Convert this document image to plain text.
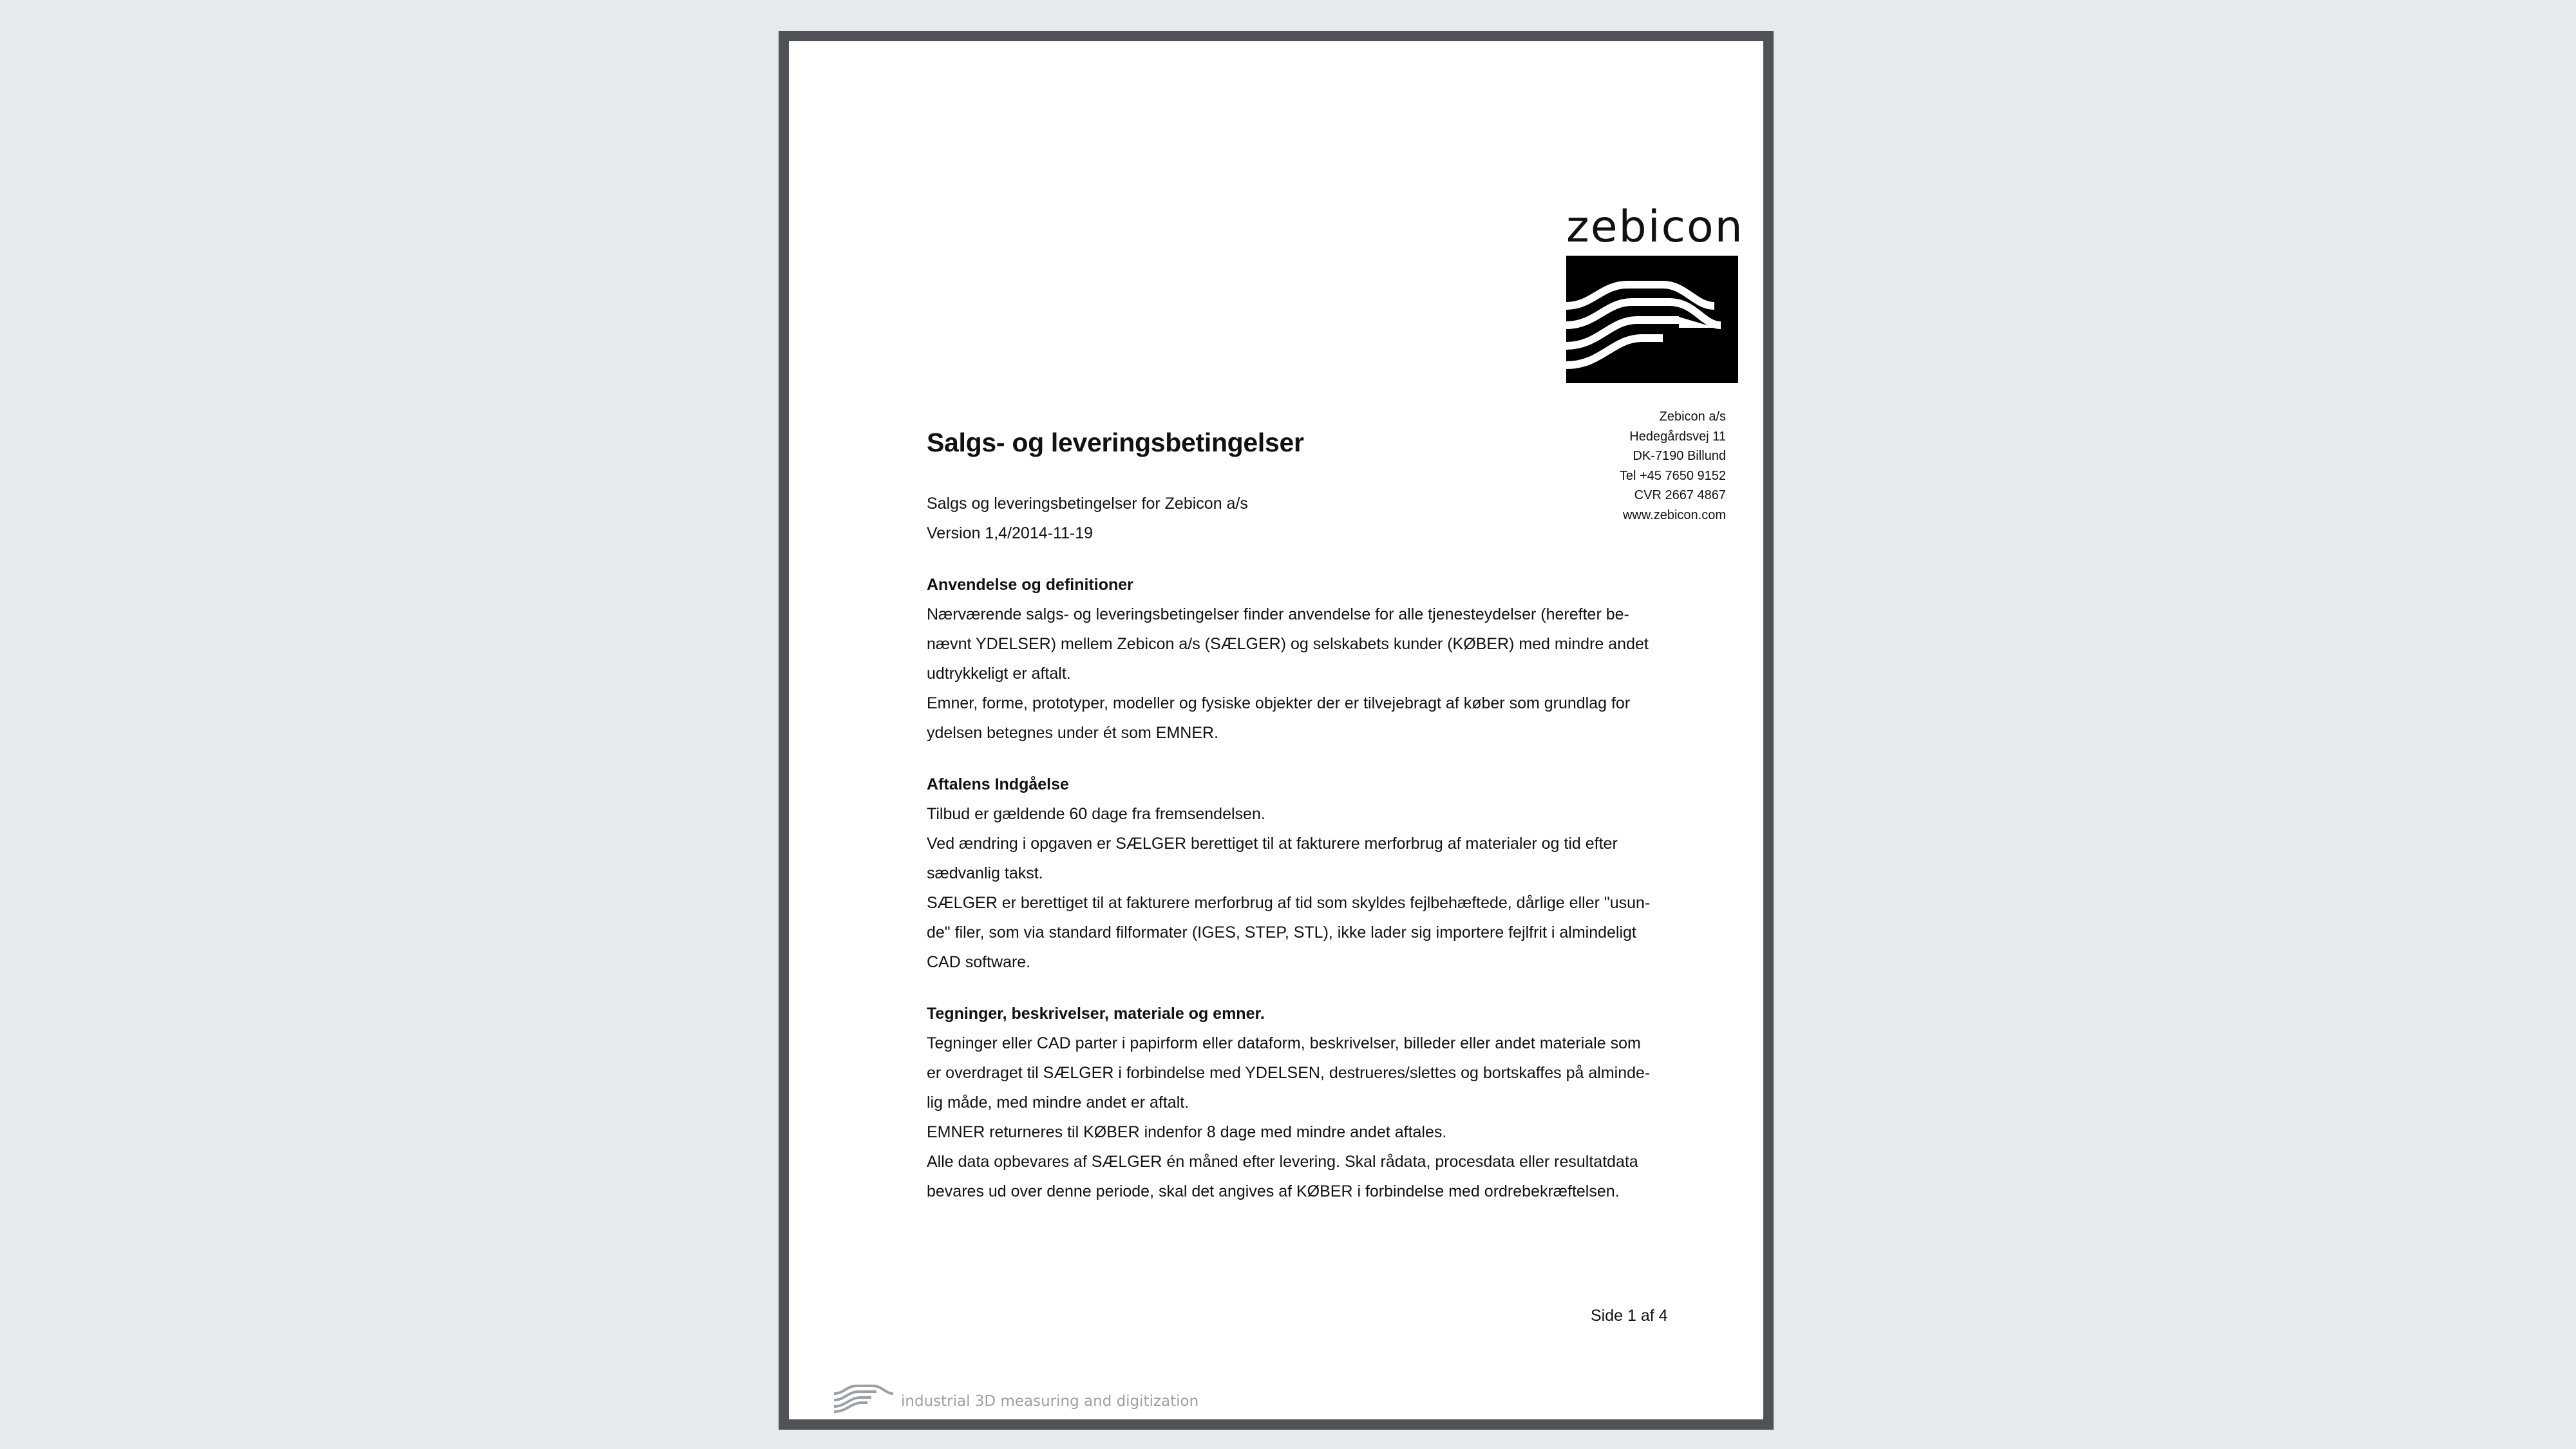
zebicon
Zebicon a/s
Hedegårdsvej 11
DK-7190 Billund
Tel +45 7650 9152
CVR 2667 4867
www.zebicon.com
Salgs- og leveringsbetingelser

Salgs og leveringsbetingelser for Zebicon a/s

Version 1,4/2014-11-19

Anvendelse og definitioner

Nærværende salgs- og leveringsbetingelser finder anvendelse for alle tjenesteydelser (herefter be-
nævnt YDELSER) mellem Zebicon a/s (SÆLGER) og selskabets kunder (KØBER) med mindre andet
udtrykkeligt er aftalt.
Emner, forme, prototyper, modeller og fysiske objekter der er tilvejebragt af køber som grundlag for
ydelsen betegnes under ét som EMNER.

Aftalens Indgåelse

Tilbud er gældende 60 dage fra fremsendelsen.
Ved ændring i opgaven er SÆLGER berettiget til at fakturere merforbrug af materialer og tid efter
sædvanlig takst.
SÆLGER er berettiget til at fakturere merforbrug af tid som skyldes fejlbehæftede, dårlige eller "usun-
de" filer, som via standard filformater (IGES, STEP, STL), ikke lader sig importere fejlfrit i almindeligt
CAD software.

Tegninger, beskrivelser, materiale og emner.

Tegninger eller CAD parter i papirform eller dataform, beskrivelser, billeder eller andet materiale som
er overdraget til SÆLGER i forbindelse med YDELSEN, destrueres/slettes og bortskaffes på alminde-
lig måde, med mindre andet er aftalt.
EMNER returneres til KØBER indenfor 8 dage med mindre andet aftales.
Alle data opbevares af SÆLGER én måned efter levering. Skal rådata, procesdata eller resultatdata
bevares ud over denne periode, skal det angives af KØBER i forbindelse med ordrebekræftelsen.

Side 1 af 4
industrial 3D measuring and digitization
